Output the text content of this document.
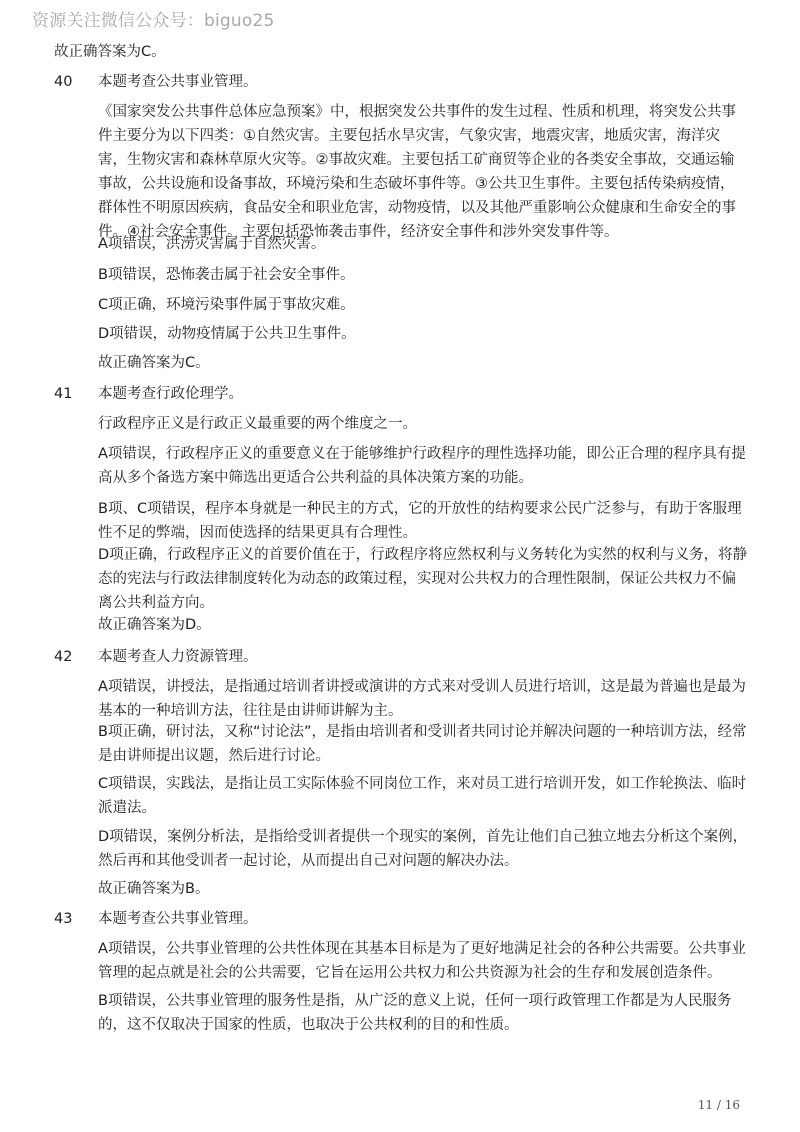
资源关注微信公众号：biguo25

故正确答案为C。

40 本题考查公共事业管理。

《国家突发公共事件总体应急预案》中，根据突发公共事件的发生过程、性质和机理，将突发公共事件主要分为以下四类：①自然灾害。主要包括水旱灾害，气象灾害，地震灾害，地质灾害，海洋灾害，生物灾害和森林草原火灾等。②事故灾难。主要包括工矿商贸等企业的各类安全事故，交通运输事故，公共设施和设备事故，环境污染和生态破坏事件等。③公共卫生事件。主要包括传染病疫情，群体性不明原因疾病，食品安全和职业危害，动物疫情，以及其他严重影响公众健康和生命安全的事件。④社会安全事件。主要包括恐怖袭击事件，经济安全事件和涉外突发事件等。

A项错误，洪涝灾害属于自然灾害。

B项错误，恐怖袭击属于社会安全事件。

C项正确，环境污染事件属于事故灾难。

D项错误，动物疫情属于公共卫生事件。

故正确答案为C。

41 本题考查行政伦理学。

行政程序正义是行政正义最重要的两个维度之一。

A项错误，行政程序正义的重要意义在于能够维护行政程序的理性选择功能，即公正合理的程序具有提高从多个备选方案中筛选出更适合公共利益的具体决策方案的功能。

B项、C项错误，程序本身就是一种民主的方式，它的开放性的结构要求公民广泛参与，有助于客服理性不足的弊端，因而使选择的结果更具有合理性。

D项正确，行政程序正义的首要价值在于，行政程序将应然权利与义务转化为实然的权利与义务，将静态的宪法与行政法律制度转化为动态的政策过程，实现对公共权力的合理性限制，保证公共权力不偏离公共利益方向。

故正确答案为D。

42 本题考查人力资源管理。

A项错误，讲授法，是指通过培训者讲授或演讲的方式来对受训人员进行培训，这是最为普遍也是最为基本的一种培训方法，往往是由讲师讲解为主。

B项正确，研讨法，又称“讨论法”，是指由培训者和受训者共同讨论并解决问题的一种培训方法，经常是由讲师提出议题，然后进行讨论。

C项错误，实践法，是指让员工实际体验不同岗位工作，来对员工进行培训开发，如工作轮换法、临时派遣法。

D项错误，案例分析法，是指给受训者提供一个现实的案例，首先让他们自己独立地去分析这个案例，然后再和其他受训者一起讨论，从而提出自己对问题的解决办法。

故正确答案为B。

43 本题考查公共事业管理。

A项错误，公共事业管理的公共性体现在其基本目标是为了更好地满足社会的各种公共需要。公共事业管理的起点就是社会的公共需要，它旨在运用公共权力和公共资源为社会的生存和发展创造条件。

B项错误，公共事业管理的服务性是指，从广泛的意义上说，任何一项行政管理工作都是为人民服务的，这不仅取决于国家的性质，也取决于公共权利的目的和性质。

11 / 16
